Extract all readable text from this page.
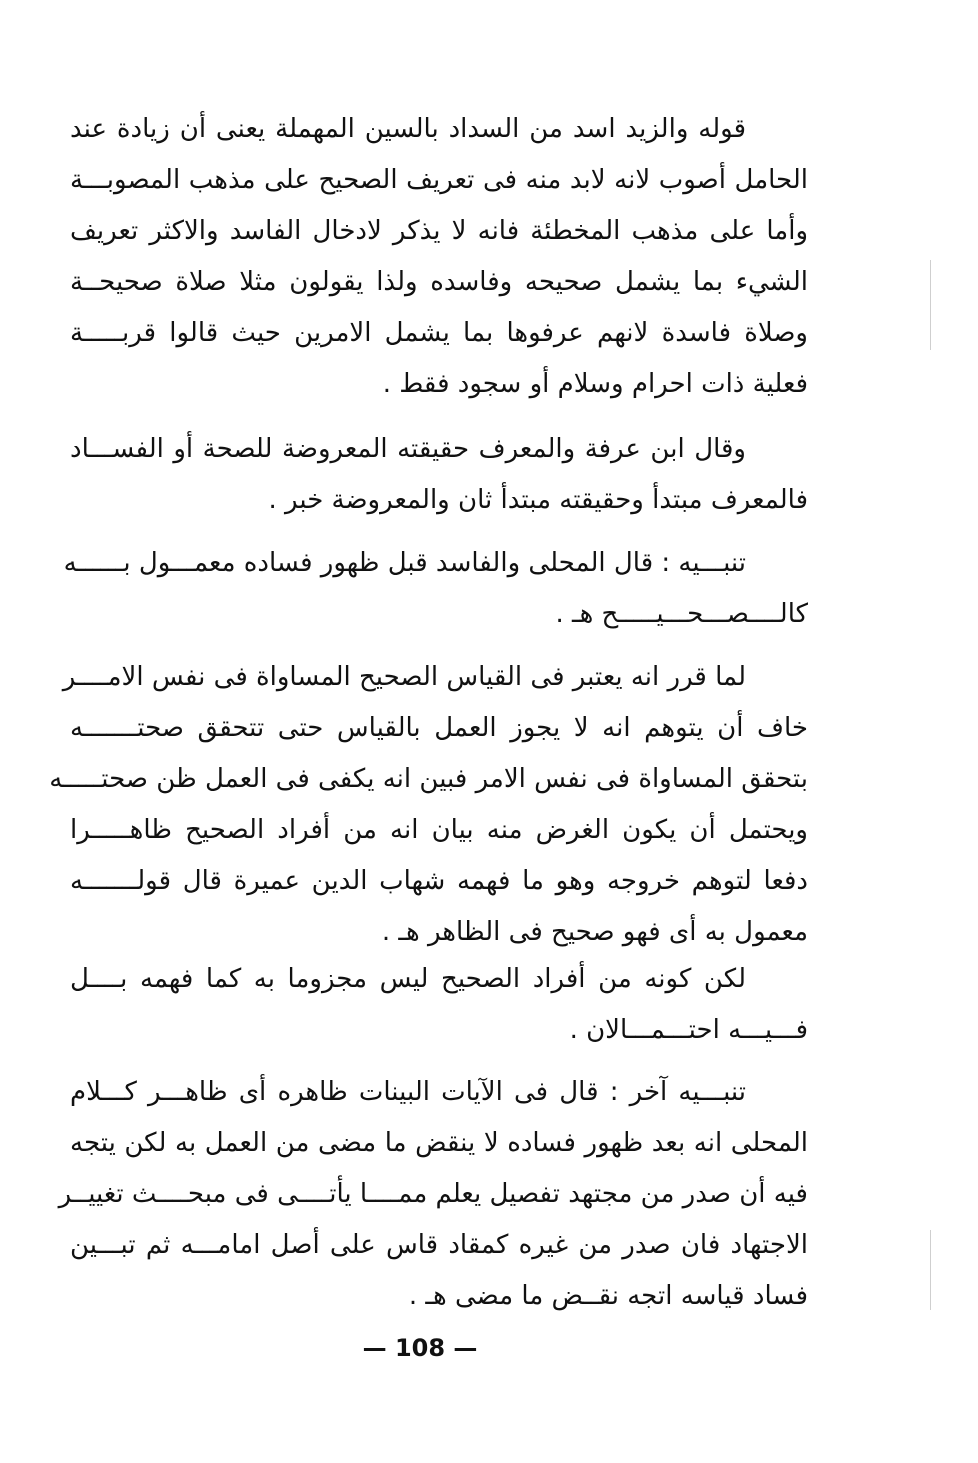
قوله والزيد اسد من السداد بالسين المهملة يعنى أن زيادة عند
الحامل أصوب لانه لابد منه فى تعريف الصحيح على مذهب المصوبـــة
وأما على مذهب المخطئة فانه لا يذكر لادخال الفاسد والاكثر تعريف
الشيء بما يشمل صحيحه وفاسده ولذا يقولون مثلا صلاة صحيحــة
وصلاة فاسدة لانهم عرفوها بما يشمل الامرين حيث قالوا قربـــــة
فعلية ذات احرام وسلام أو سجود فقط .
وقال ابن عرفة والمعرف حقيقته المعروضة للصحة أو الفســـاد
فالمعرف مبتدأ وحقيقته مبتدأ ثان والمعروضة خبر .
تنبـــيه : قال المحلى والفاسد قبل ظهور فساده معمـــول بــــــه
كالــــصـــحـــيـــــح هـ .
لما قرر انه يعتبر فى القياس الصحيح المساواة فى نفس الامــــر
خاف أن يتوهم انه لا يجوز العمل بالقياس حتى تتحقق صحتـــــــه
بتحقق المساواة فى نفس الامر فبين انه يكفى فى العمل ظن صحتـــــه
ويحتمل أن يكون الغرض منه بيان انه من أفراد الصحيح ظاهـــــرا
دفعا لتوهم خروجه وهو ما فهمه شهاب الدين عميرة قال قولـــــــه
معمول به أى فهو صحيح فى الظاهر هـ .
لكن كونه من أفراد الصحيح ليس مجزوما به كما فهمه بــــل
فـــيـــه احتـــمـــالان .
تنبـــيه آخر : قال فى الآيات البينات ظاهره أى ظاهـــر كـــلام
المحلى انه بعد ظهور فساده لا ينقض ما مضى من العمل به لكن يتجه
فيه أن صدر من مجتهد تفصيل يعلم ممــــا يأتــــى فى مبحــــث تغييــر
الاجتهاد فان صدر من غيره كمقاد قاس على أصل امامـــه ثم تبـــين
فساد قياسه اتجه نقــض ما مضى هـ .
— 108 —
